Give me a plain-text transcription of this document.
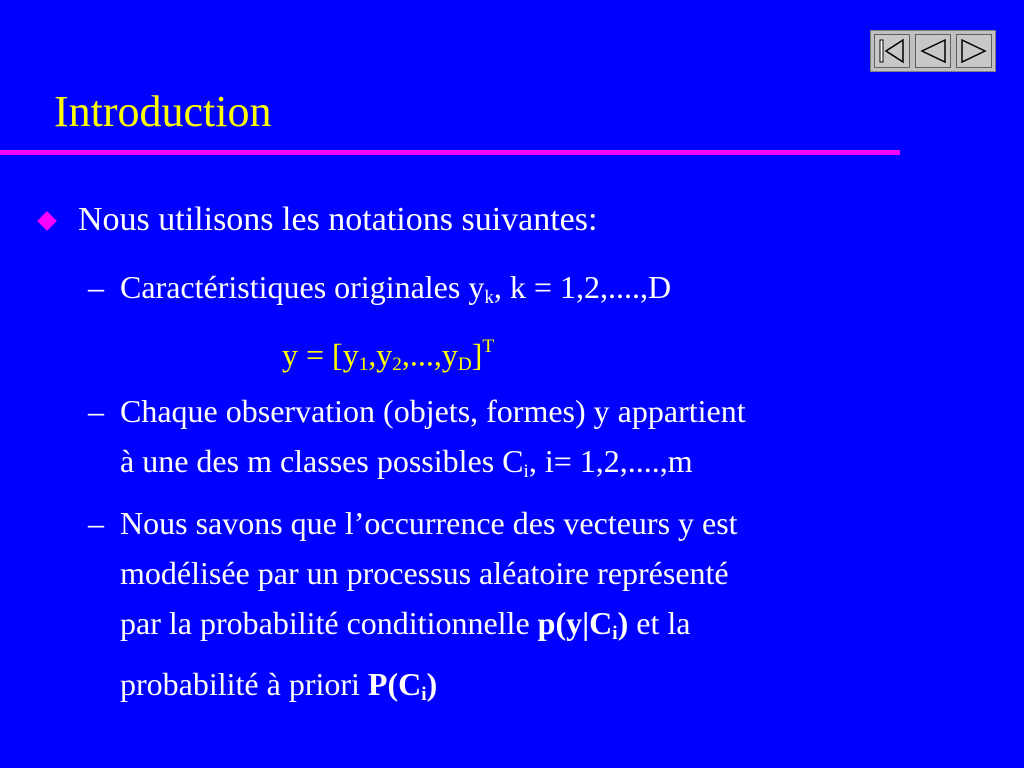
Introduction
Nous utilisons les notations suivantes:
– Caractéristiques originales $y_k$, k = 1,2,....,D
$y = [y_1,y_2,...,y_D]^T$
– Chaque observation (objets, formes) y appartient
à une des m classes possibles $C_i$, i= 1,2,....,m
– Nous savons que l’occurrence des vecteurs y est
modélisée par un processus aléatoire représenté
par la probabilité conditionnelle $p(y|C_i)$ et la
probabilité à priori $P(C_i)$
